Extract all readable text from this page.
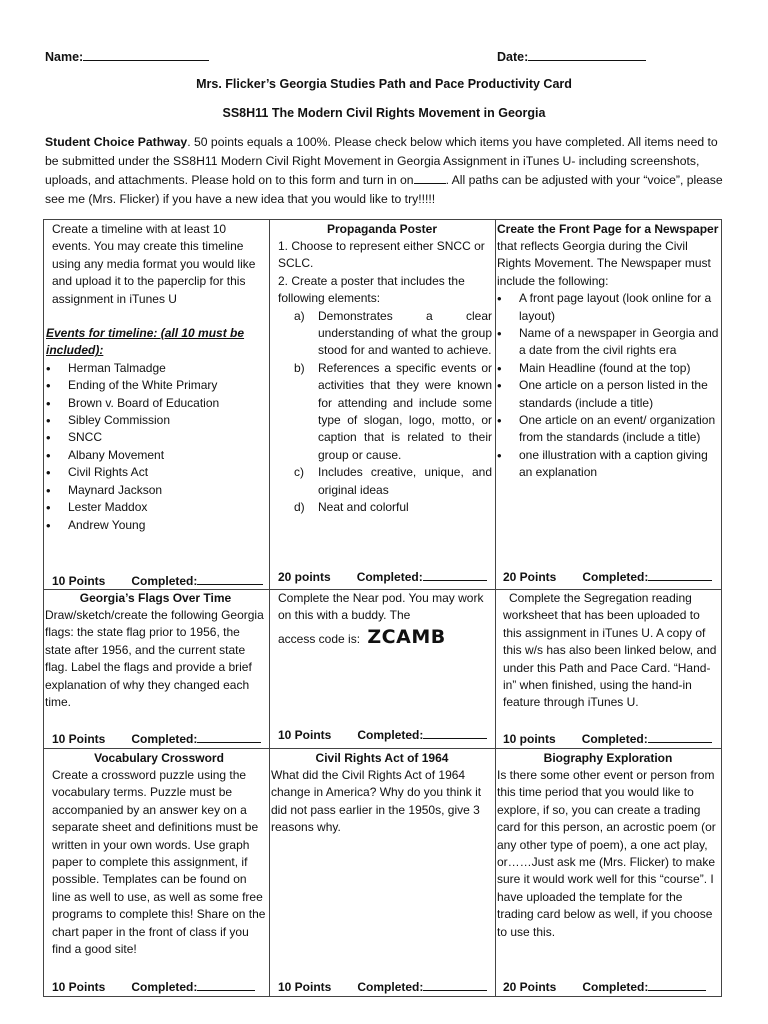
Name:	Date:
Mrs. Flicker’s Georgia Studies Path and Pace Productivity Card
SS8H11 The Modern Civil Rights Movement in Georgia
Student Choice Pathway. 50 points equals a 100%. Please check below which items you have completed. All items need to be submitted under the SS8H11 Modern Civil Right Movement in Georgia Assignment in iTunes U- including screenshots, uploads, and attachments. Please hold on to this form and turn in on	. All paths can be adjusted with your “voice”, please see me (Mrs. Flicker) if you have a new idea that you would like to try!!!!!
Create a timeline with at least 10 events. You may create this timeline using any media format you would like and upload it to the paperclip for this assignment in iTunes U
Events for timeline: (all 10 must be included):
• Herman Talmadge
• Ending of the White Primary
• Brown v. Board of Education
• Sibley Commission
• SNCC
• Albany Movement
• Civil Rights Act
• Maynard Jackson
• Lester Maddox
• Andrew Young
10 Points Completed:
Propaganda Poster
1. Choose to represent either SNCC or SCLC.
2. Create a poster that includes the following elements:
a) Demonstrates a clear understanding of what the group stood for and wanted to achieve.
b) References a specific events or activities that they were known for attending and include some type of slogan, logo, motto, or caption that is related to their group or cause.
c) Includes creative, unique, and original ideas
d) Neat and colorful
20 points Completed:
Create the Front Page for a Newspaper
that reflects Georgia during the Civil Rights Movement. The Newspaper must include the following:
• A front page layout (look online for a layout)
• Name of a newspaper in Georgia and a date from the civil rights era
• Main Headline (found at the top)
• One article on a person listed in the standards (include a title)
• One article on an event/ organization from the standards (include a title)
• one illustration with a caption giving an explanation
20 Points Completed:
Georgia’s Flags Over Time
Draw/sketch/create the following Georgia flags: the state flag prior to 1956, the state after 1956, and the current state flag. Label the flags and provide a brief explanation of why they changed each time.
10 Points Completed:
Complete the Near pod. You may work on this with a buddy. The
access code is: ZCAMB
10 Points Completed:
Complete the Segregation reading worksheet that has been uploaded to this assignment in iTunes U. A copy of this w/s has also been linked below, and under this Path and Pace Card. “Hand- in” when finished, using the hand-in feature through iTunes U.
10 points Completed:
Vocabulary Crossword
Create a crossword puzzle using the vocabulary terms. Puzzle must be accompanied by an answer key on a separate sheet and definitions must be written in your own words. Use graph paper to complete this assignment, if possible. Templates can be found on line as well to use, as well as some free programs to complete this! Share on the chart paper in the front of class if you find a good site!
10 Points Completed:
Civil Rights Act of 1964
What did the Civil Rights Act of 1964 change in America? Why do you think it did not pass earlier in the 1950s, give 3 reasons why.
10 Points Completed:
Biography Exploration
Is there some other event or person from this time period that you would like to explore, if so, you can create a trading card for this person, an acrostic poem (or any other type of poem), a one act play, or……Just ask me (Mrs. Flicker) to make sure it would work well for this “course”. I have uploaded the template for the trading card below as well, if you choose to use this.
20 Points Completed:
